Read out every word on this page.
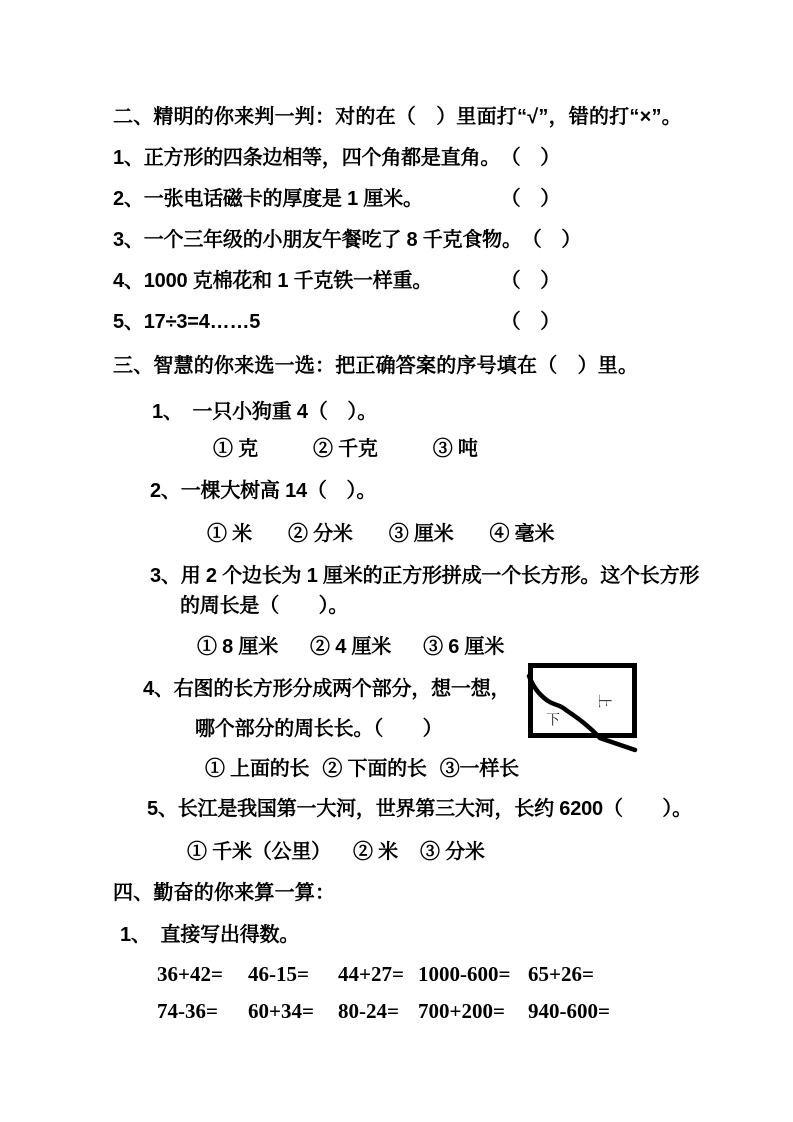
二、精明的你来判一判：对的在（　）里面打“√”，错的打“×”。
1、正方形的四条边相等，四个角都是直角。 （　）
2、一张电话磁卡的厚度是 1 厘米。	（　）
3、一个三年级的小朋友午餐吃了 8 千克食物。 （　）
4、1000 克棉花和 1 千克铁一样重。	（　）
5、17÷3=4……5	（　）
三、智慧的你来选一选：把正确答案的序号填在（　）里。
1、　一只小狗重 4（　）。
① 克	② 千克	③ 吨
2、一棵大树高 14（　）。
① 米 ② 分米 ③ 厘米 ④ 毫米
3、用 2 个边长为 1 厘米的正方形拼成一个长方形。这个长方形
的周长是（　　）。
① 8 厘米 ② 4 厘米 ③ 6 厘米
4、右图的长方形分成两个部分，想一想，
哪个部分的周长长。（　　）
① 上面的长 ② 下面的长 ③一样长
上
下
5、长江是我国第一大河，世界第三大河，长约 6200（　　）。
① 千米（公里） ② 米 ③ 分米
四、勤奋的你来算一算：
1、　直接写出得数。
36+42=	46-15=	44+27= 1000-600= 65+26=
74-36=	60+34=	80-24= 700+200=	940-600=
